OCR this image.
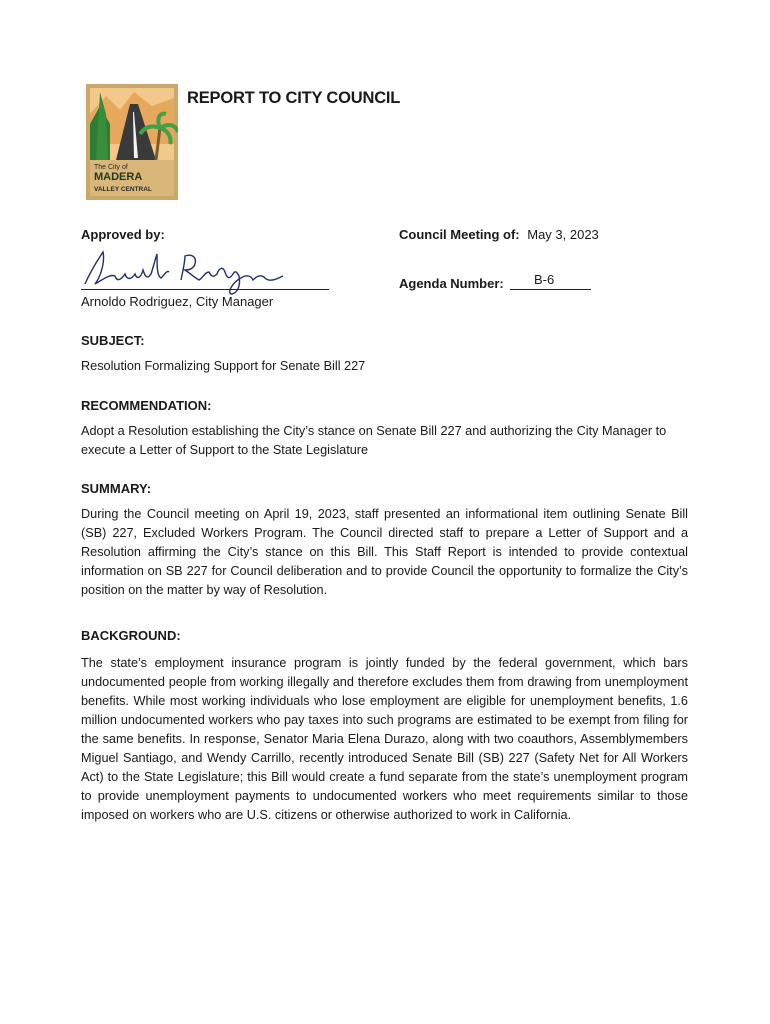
The City of
MADERA
VALLEY CENTRAL
REPORT TO CITY COUNCIL
Approved by:
Arnoldo Rodriguez, City Manager
Council Meeting of: May 3, 2023
Agenda Number: B-6
SUBJECT:
Resolution Formalizing Support for Senate Bill 227
RECOMMENDATION:
Adopt a Resolution establishing the City’s stance on Senate Bill 227 and authorizing the City Manager to execute a Letter of Support to the State Legislature
SUMMARY:
During the Council meeting on April 19, 2023, staff presented an informational item outlining Senate Bill (SB) 227, Excluded Workers Program. The Council directed staff to prepare a Letter of Support and a Resolution affirming the City’s stance on this Bill. This Staff Report is intended to provide contextual information on SB 227 for Council deliberation and to provide Council the opportunity to formalize the City’s position on the matter by way of Resolution.
BACKGROUND:
The state’s employment insurance program is jointly funded by the federal government, which bars undocumented people from working illegally and therefore excludes them from drawing from unemployment benefits. While most working individuals who lose employment are eligible for unemployment benefits, 1.6 million undocumented workers who pay taxes into such programs are estimated to be exempt from filing for the same benefits. In response, Senator Maria Elena Durazo, along with two coauthors, Assemblymembers Miguel Santiago, and Wendy Carrillo, recently introduced Senate Bill (SB) 227 (Safety Net for All Workers Act) to the State Legislature; this Bill would create a fund separate from the state’s unemployment program to provide unemployment payments to undocumented workers who meet requirements similar to those imposed on workers who are U.S. citizens or otherwise authorized to work in California.
